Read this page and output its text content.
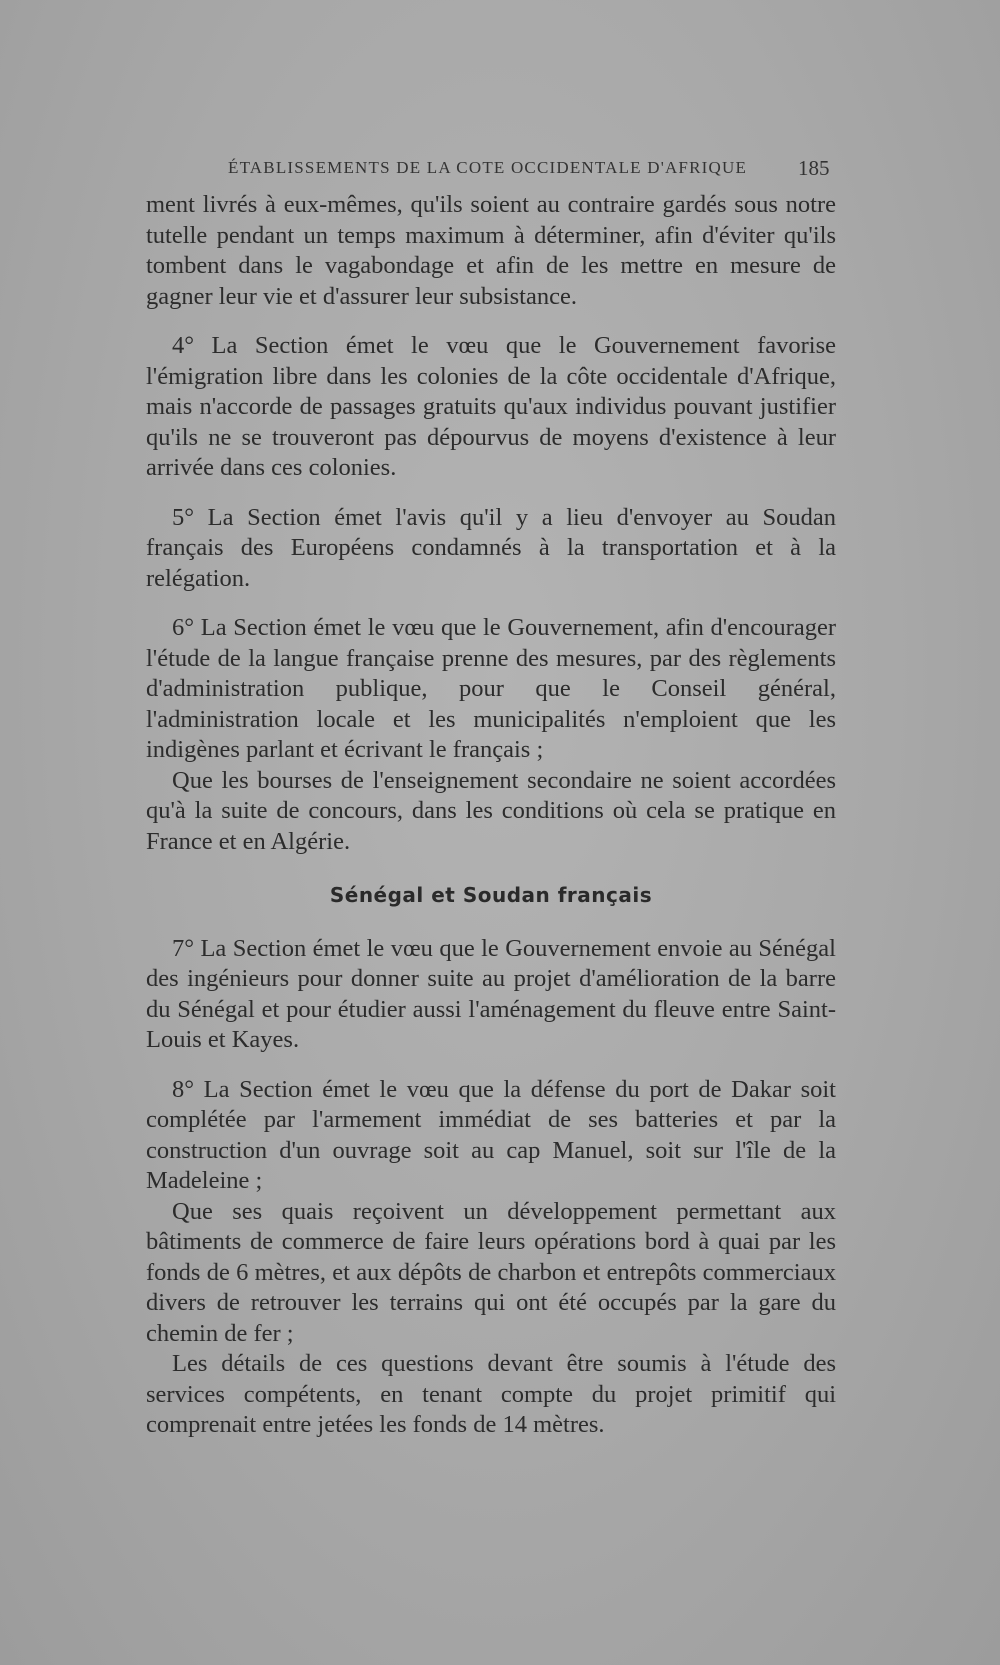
ÉTABLISSEMENTS DE LA COTE OCCIDENTALE D'AFRIQUE 185

ment livrés à eux-mêmes, qu'ils soient au contraire gardés sous notre tutelle pendant un temps maximum à déterminer, afin d'éviter qu'ils tombent dans le vagabondage et afin de les mettre en mesure de gagner leur vie et d'assurer leur subsistance.

4° La Section émet le vœu que le Gouvernement favorise l'émigration libre dans les colonies de la côte occidentale d'Afrique, mais n'accorde de passages gratuits qu'aux individus pouvant justifier qu'ils ne se trouveront pas dépourvus de moyens d'existence à leur arrivée dans ces colonies.

5° La Section émet l'avis qu'il y a lieu d'envoyer au Soudan français des Européens condamnés à la transportation et à la relégation.

6° La Section émet le vœu que le Gouvernement, afin d'encourager l'étude de la langue française prenne des mesures, par des règlements d'administration publique, pour que le Conseil général, l'administration locale et les municipalités n'emploient que les indigènes parlant et écrivant le français ;

Que les bourses de l'enseignement secondaire ne soient accordées qu'à la suite de concours, dans les conditions où cela se pratique en France et en Algérie.

Sénégal et Soudan français

7° La Section émet le vœu que le Gouvernement envoie au Sénégal des ingénieurs pour donner suite au projet d'amélioration de la barre du Sénégal et pour étudier aussi l'aménagement du fleuve entre Saint-Louis et Kayes.

8° La Section émet le vœu que la défense du port de Dakar soit complétée par l'armement immédiat de ses batteries et par la construction d'un ouvrage soit au cap Manuel, soit sur l'île de la Madeleine ;

Que ses quais reçoivent un développement permettant aux bâtiments de commerce de faire leurs opérations bord à quai par les fonds de 6 mètres, et aux dépôts de charbon et entrepôts commerciaux divers de retrouver les terrains qui ont été occupés par la gare du chemin de fer ;

Les détails de ces questions devant être soumis à l'étude des services compétents, en tenant compte du projet primitif qui comprenait entre jetées les fonds de 14 mètres.
